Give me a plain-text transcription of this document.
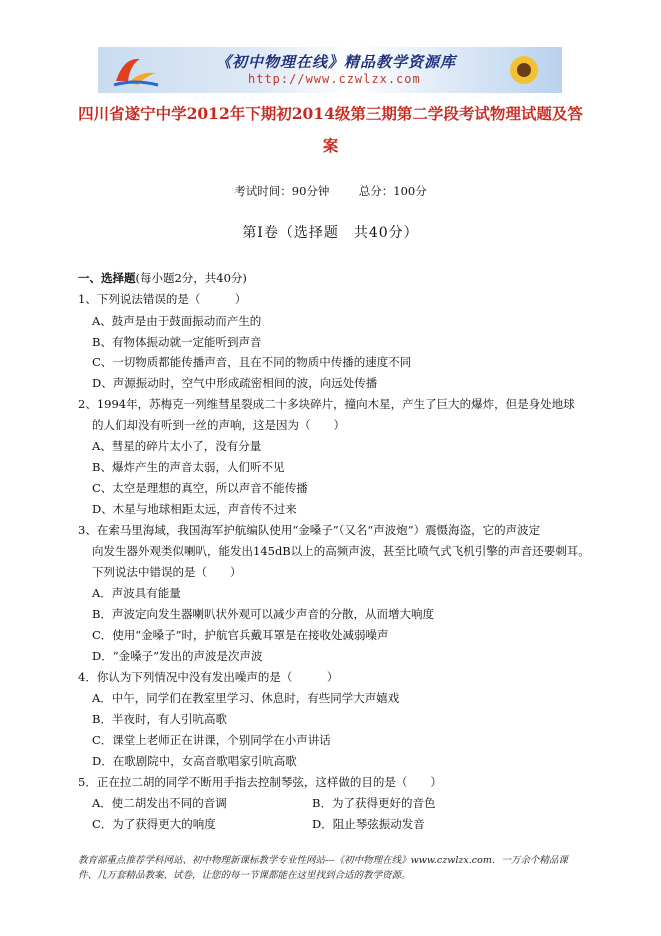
《初中物理在线》精品教学资源库
http://www.czwlzx.com
四川省遂宁中学2012年下期初2014级第三期第二学段考试物理试题及答
案
考试时间：90分钟	总分：100分
第Ⅰ卷（选择题　共40分）
一、选择题(每小题2分，共40分)
1、下列说法错误的是（　　　）
A、鼓声是由于鼓面振动而产生的
B、有物体振动就一定能听到声音
C、一切物质都能传播声音，且在不同的物质中传播的速度不同
D、声源振动时，空气中形成疏密相间的波，向远处传播
2、1994年，苏梅克一列维彗星裂成二十多块碎片，撞向木星，产生了巨大的爆炸，但是身处地球
的人们却没有听到一丝的声响，这是因为（　　）
A、彗星的碎片太小了，没有分量
B、爆炸产生的声音太弱，人们听不见
C、太空是理想的真空，所以声音不能传播
D、木星与地球相距太远，声音传不过来
3、在索马里海域，我国海军护航编队使用“金嗓子”（又名“声波炮”）震慑海盗，它的声波定
向发生器外观类似喇叭，能发出145dB以上的高频声波，甚至比喷气式飞机引擎的声音还要刺耳。
下列说法中错误的是（　　）
A．声波具有能量
B．声波定向发生器喇叭状外观可以减少声音的分散，从而增大响度
C．使用“金嗓子”时，护航官兵戴耳罩是在接收处减弱噪声
D．“金嗓子”发出的声波是次声波
4．你认为下列情况中没有发出噪声的是（　　　）
A．中午，同学们在教室里学习、休息时，有些同学大声嬉戏
B．半夜时，有人引吭高歌
C．课堂上老师正在讲课，个别同学在小声讲话
D．在歌剧院中，女高音歌唱家引吭高歌
5．正在拉二胡的同学不断用手指去控制琴弦，这样做的目的是（　　）
A．使二胡发出不同的音调	B．为了获得更好的音色
C．为了获得更大的响度	D．阻止琴弦振动发音
教育部重点推荐学科网站、初中物理新课标教学专业性网站---《初中物理在线》www.czwlzx.com．一万余个精品课
件、几万套精品教案、试卷，让您的每一节课都能在这里找到合适的教学资源。
